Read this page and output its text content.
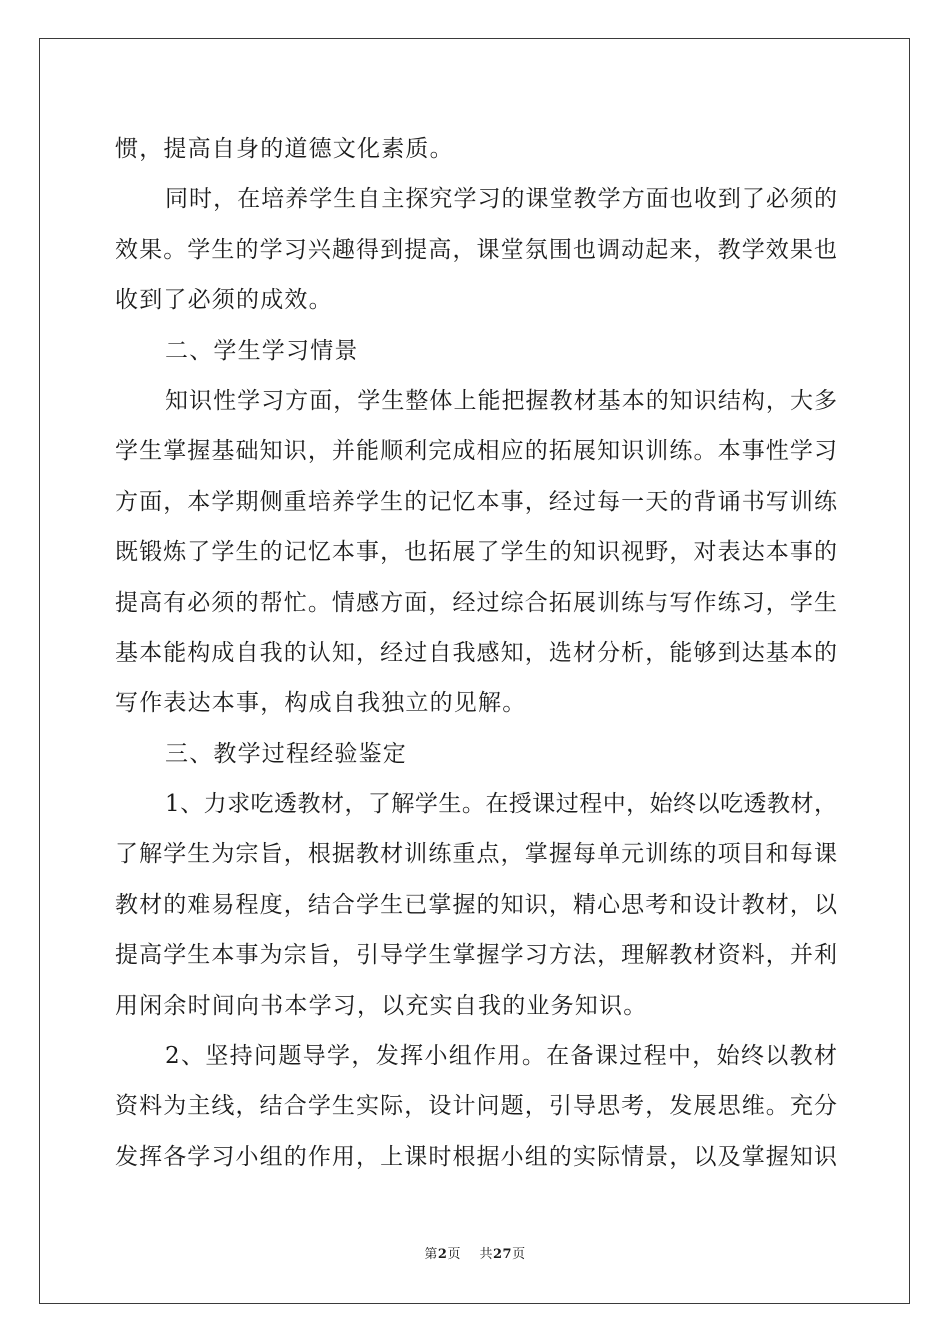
惯，提高自身的道德文化素质。
同时，在培养学生自主探究学习的课堂教学方面也收到了必须的
效果。学生的学习兴趣得到提高，课堂氛围也调动起来，教学效果也
收到了必须的成效。
二、学生学习情景
知识性学习方面，学生整体上能把握教材基本的知识结构，大多
学生掌握基础知识，并能顺利完成相应的拓展知识训练。本事性学习
方面，本学期侧重培养学生的记忆本事，经过每一天的背诵书写训练
既锻炼了学生的记忆本事，也拓展了学生的知识视野，对表达本事的
提高有必须的帮忙。情感方面，经过综合拓展训练与写作练习，学生
基本能构成自我的认知，经过自我感知，选材分析，能够到达基本的
写作表达本事，构成自我独立的见解。
三、教学过程经验鉴定
1、力求吃透教材，了解学生。在授课过程中，始终以吃透教材，
了解学生为宗旨，根据教材训练重点，掌握每单元训练的项目和每课
教材的难易程度，结合学生已掌握的知识，精心思考和设计教材，以
提高学生本事为宗旨，引导学生掌握学习方法，理解教材资料，并利
用闲余时间向书本学习，以充实自我的业务知识。
2、坚持问题导学，发挥小组作用。在备课过程中，始终以教材
资料为主线，结合学生实际，设计问题，引导思考，发展思维。充分
发挥各学习小组的作用，上课时根据小组的实际情景，以及掌握知识
第2页 共27页
